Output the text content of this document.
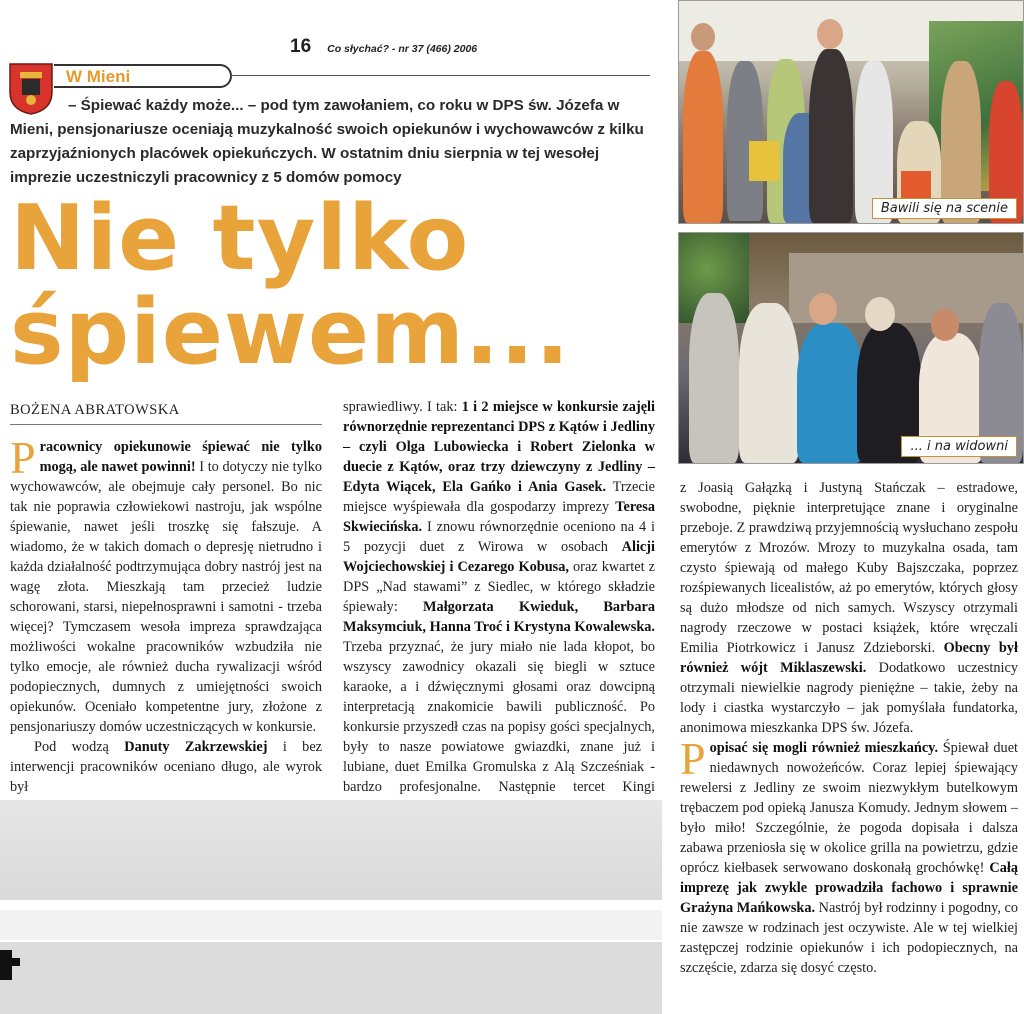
16 Co słychać? - nr 37 (466) 2006
W Mieni
– Śpiewać każdy może... – pod tym zawołaniem, co roku w DPS św. Józefa w Mieni, pensjonariusze oceniają muzykalność swoich opiekunów i wychowawców z kilku zaprzyjaźnionych placówek opiekuńczych. W ostatnim dniu sierpnia w tej wesołej imprezie uczestniczyli pracownicy z 5 domów pomocy
Nie tylko
śpiewem...
BOŻENA ABRATOWSKA

Pracownicy opiekunowie śpiewać nie tylko mogą, ale nawet powinni! I to dotyczy nie tylko wychowawców, ale obejmuje cały personel. Bo nic tak nie poprawia człowiekowi nastroju, jak wspólne śpiewanie, nawet jeśli troszkę się fałszuje. A wiadomo, że w takich domach o depresję nietrudno i każda działalność podtrzymująca dobry nastrój jest na wagę złota. Mieszkają tam przecież ludzie schorowani, starsi, niepełnosprawni i samotni - trzeba więcej? Tymczasem wesoła impreza sprawdzająca możliwości wokalne pracowników wzbudziła nie tylko emocje, ale również ducha rywalizacji wśród podopiecznych, dumnych z umiejętności swoich opiekunów. Oceniało kompetentne jury, złożone z pensjonariuszy domów uczestniczących w konkursie.

Pod wodzą Danuty Zakrzewskiej i bez interwencji pracowników oceniano długo, ale wyrok był

sprawiedliwy. I tak: 1 i 2 miejsce w konkursie zajęli równorzędnie reprezentanci DPS z Kątów i Jedliny – czyli Olga Lubowiecka i Robert Zielonka w duecie z Kątów, oraz trzy dziewczyny z Jedliny – Edyta Wiącek, Ela Gańko i Ania Gasek. Trzecie miejsce wyśpiewała dla gospodarzy imprezy Teresa Skwiecińska. I znowu równorzędnie oceniono na 4 i 5 pozycji duet z Wirowa w osobach Alicji Wojciechowskiej i Cezarego Kobusa, oraz kwartet z DPS „Nad stawami” z Siedlec, w którego składzie śpiewały: Małgorzata Kwieduk, Barbara Maksymciuk, Hanna Troć i Krystyna Kowalewska. Trzeba przyznać, że jury miało nie lada kłopot, bo wszyscy zawodnicy okazali się biegli w sztuce karaoke, a i dźwięcznymi głosami oraz dowcipną interpretacją znakomicie bawili publiczność. Po konkursie przyszedł czas na popisy gości specjalnych, były to nasze powiatowe gwiazdki, znane już i lubiane, duet Emilka Gromulska z Alą Szcześniak - bardzo profesjonalne. Następnie tercet Kingi

Bawili się na scenie
... i na widowni

z Joasią Gałązką i Justyną Stańczak – estradowe, swobodne, pięknie interpretujące znane i oryginalne przeboje. Z prawdziwą przyjemnością wysłuchano zespołu emerytów z Mrozów. Mrozy to muzykalna osada, tam czysto śpiewają od małego Kuby Bajszczaka, poprzez rozśpiewanych licealistów, aż po emerytów, których głosy są dużo młodsze od nich samych. Wszyscy otrzymali nagrody rzeczowe w postaci książek, które wręczali Emilia Piotrkowicz i Janusz Zdzieborski. Obecny był również wójt Miklaszewski. Dodatkowo uczestnicy otrzymali niewielkie nagrody pieniężne – takie, żeby na lody i ciastka wystarczyło – jak pomyślała fundatorka, anonimowa mieszkanka DPS św. Józefa.

Popisać się mogli również mieszkańcy. Śpiewał duet niedawnych nowożeńców. Coraz lepiej śpiewający rewelersi z Jedliny ze swoim niezwykłym butelkowym trębaczem pod opieką Janusza Komudy. Jednym słowem – było miło! Szczególnie, że pogoda dopisała i dalsza zabawa przeniosła się w okolice grilla na powietrzu, gdzie oprócz kiełbasek serwowano doskonałą grochówkę! Całą imprezę jak zwykle prowadziła fachowo i sprawnie Grażyna Mańkowska. Nastrój był rodzinny i pogodny, co nie zawsze w rodzinach jest oczywiste. Ale w tej wielkiej zastępczej rodzinie opiekunów i ich podopiecznych, na szczęście, zdarza się dosyć często.
